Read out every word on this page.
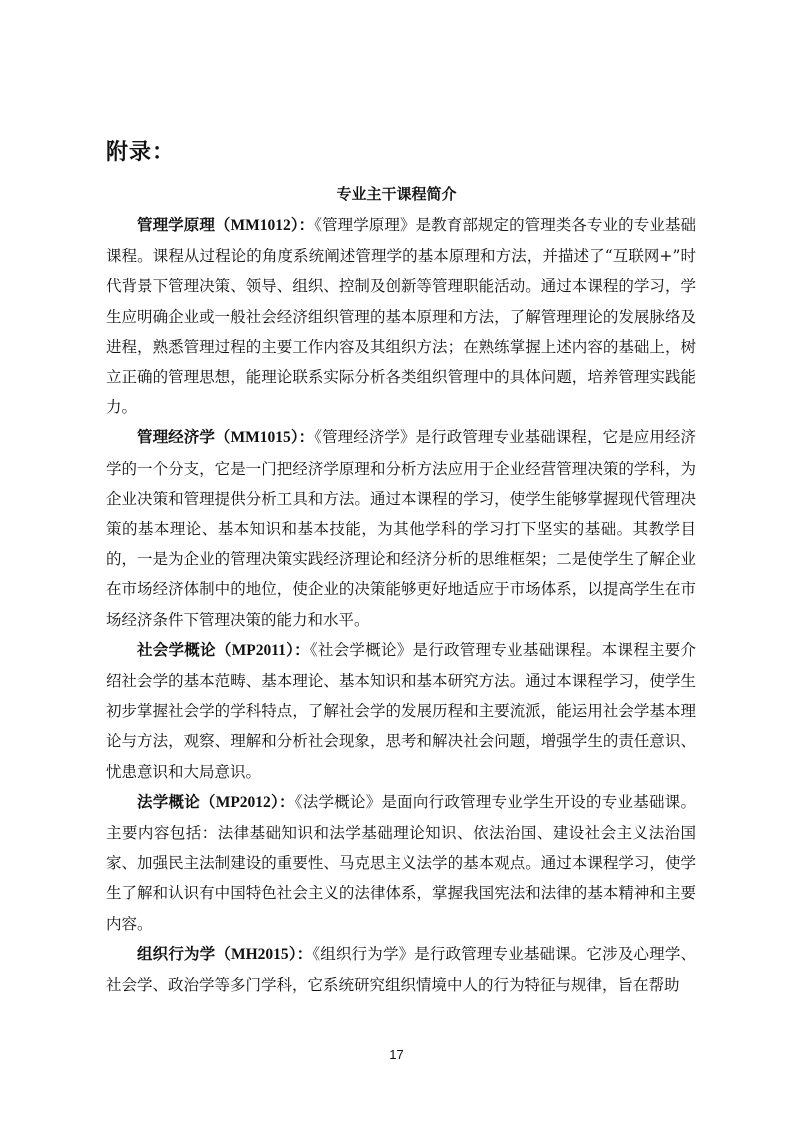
附录：
专业主干课程简介

管理学原理（MM1012）：《管理学原理》是教育部规定的管理类各专业的专业基础课程。课程从过程论的角度系统阐述管理学的基本原理和方法，并描述了“互联网+”时代背景下管理决策、领导、组织、控制及创新等管理职能活动。通过本课程的学习，学生应明确企业或一般社会经济组织管理的基本原理和方法，了解管理理论的发展脉络及进程，熟悉管理过程的主要工作内容及其组织方法；在熟练掌握上述内容的基础上，树立正确的管理思想，能理论联系实际分析各类组织管理中的具体问题，培养管理实践能力。

管理经济学（MM1015）：《管理经济学》是行政管理专业基础课程，它是应用经济学的一个分支，它是一门把经济学原理和分析方法应用于企业经营管理决策的学科，为企业决策和管理提供分析工具和方法。通过本课程的学习，使学生能够掌握现代管理决策的基本理论、基本知识和基本技能，为其他学科的学习打下坚实的基础。其教学目的，一是为企业的管理决策实践经济理论和经济分析的思维框架；二是使学生了解企业在市场经济体制中的地位，使企业的决策能够更好地适应于市场体系，以提高学生在市场经济条件下管理决策的能力和水平。

社会学概论（MP2011）：《社会学概论》是行政管理专业基础课程。本课程主要介绍社会学的基本范畴、基本理论、基本知识和基本研究方法。通过本课程学习，使学生初步掌握社会学的学科特点，了解社会学的发展历程和主要流派，能运用社会学基本理论与方法，观察、理解和分析社会现象，思考和解决社会问题，增强学生的责任意识、忧患意识和大局意识。

法学概论（MP2012）：《法学概论》是面向行政管理专业学生开设的专业基础课。主要内容包括：法律基础知识和法学基础理论知识、依法治国、建设社会主义法治国家、加强民主法制建设的重要性、马克思主义法学的基本观点。通过本课程学习，使学生了解和认识有中国特色社会主义的法律体系，掌握我国宪法和法律的基本精神和主要内容。

组织行为学（MH2015）：《组织行为学》是行政管理专业基础课。它涉及心理学、社会学、政治学等多门学科，它系统研究组织情境中人的行为特征与规律，旨在帮助

17
